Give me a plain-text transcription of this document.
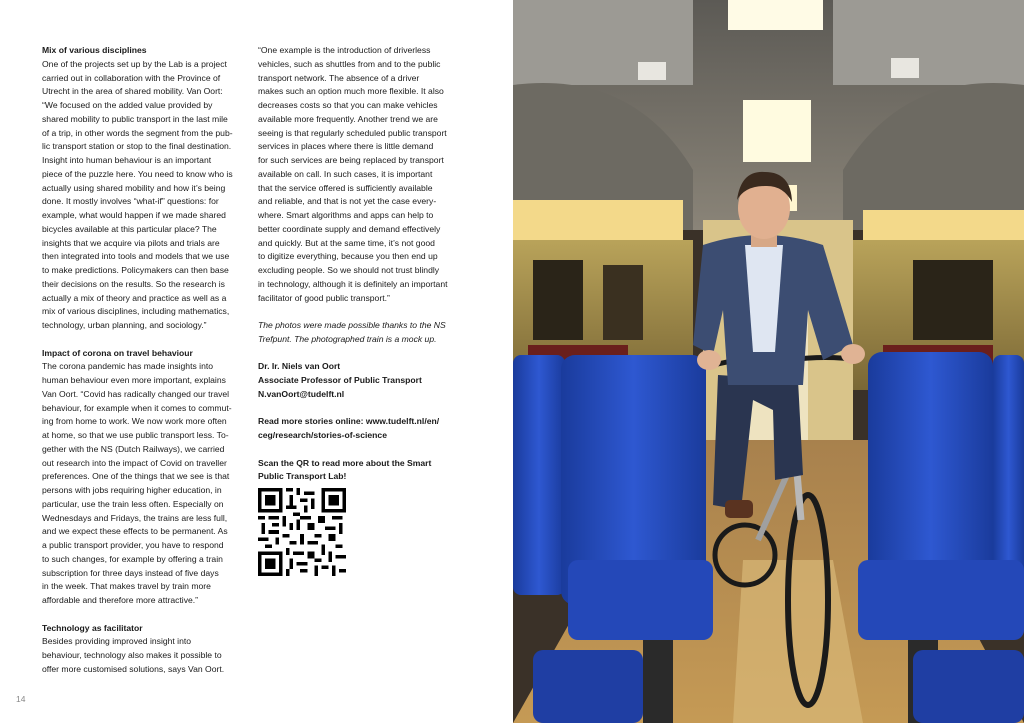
Mix of various disciplines

One of the projects set up by the Lab is a project

carried out in collaboration with the Province of

Utrecht in the area of shared mobility. Van Oort:

“We focused on the added value provided by

shared mobility to public transport in the last mile

of a trip, in other words the segment from the pub-

lic transport station or stop to the final destination.

Insight into human behaviour is an important

piece of the puzzle here. You need to know who is

actually using shared mobility and how it’s being

done. It mostly involves “what-if” questions: for

example, what would happen if we made shared

bicycles available at this particular place? The

insights that we acquire via pilots and trials are

then integrated into tools and models that we use

to make predictions. Policymakers can then base

their decisions on the results. So the research is

actually a mix of theory and practice as well as a

mix of various disciplines, including mathematics,

technology, urban planning, and sociology.”

Impact of corona on travel behaviour

The corona pandemic has made insights into

human behaviour even more important, explains

Van Oort. “Covid has radically changed our travel

behaviour, for example when it comes to commut-

ing from home to work. We now work more often

at home, so that we use public transport less. To-

gether with the NS (Dutch Railways), we carried

out research into the impact of Covid on traveller

preferences. One of the things that we see is that

persons with jobs requiring higher education, in

particular, use the train less often. Especially on

Wednesdays and Fridays, the trains are less full,

and we expect these effects to be permanent. As

a public transport provider, you have to respond

to such changes, for example by offering a train

subscription for three days instead of five days

in the week. That makes travel by train more

affordable and therefore more attractive.”

Technology as facilitator

Besides providing improved insight into

behaviour, technology also makes it possible to

offer more customised solutions, says Van Oort.

“One example is the introduction of driverless

vehicles, such as shuttles from and to the public

transport network. The absence of a driver

makes such an option much more flexible. It also

decreases costs so that you can make vehicles

available more frequently. Another trend we are

seeing is that regularly scheduled public transport

services in places where there is little demand

for such services are being replaced by transport

available on call. In such cases, it is important

that the service offered is sufficiently available

and reliable, and that is not yet the case every-

where. Smart algorithms and apps can help to

better coordinate supply and demand effectively

and quickly. But at the same time, it’s not good

to digitize everything, because you then end up

excluding people. So we should not trust blindly

in technology, although it is definitely an important

facilitator of good public transport.”

The photos were made possible thanks to the NS

Trefpunt. The photographed train is a mock up.

Dr. Ir. Niels van Oort

Associate Professor of Public Transport

N.vanOort@tudelft.nl

Read more stories online: www.tudelft.nl/en/

ceg/research/stories-of-science

Scan the QR to read more about the Smart

Public Transport Lab!

14
